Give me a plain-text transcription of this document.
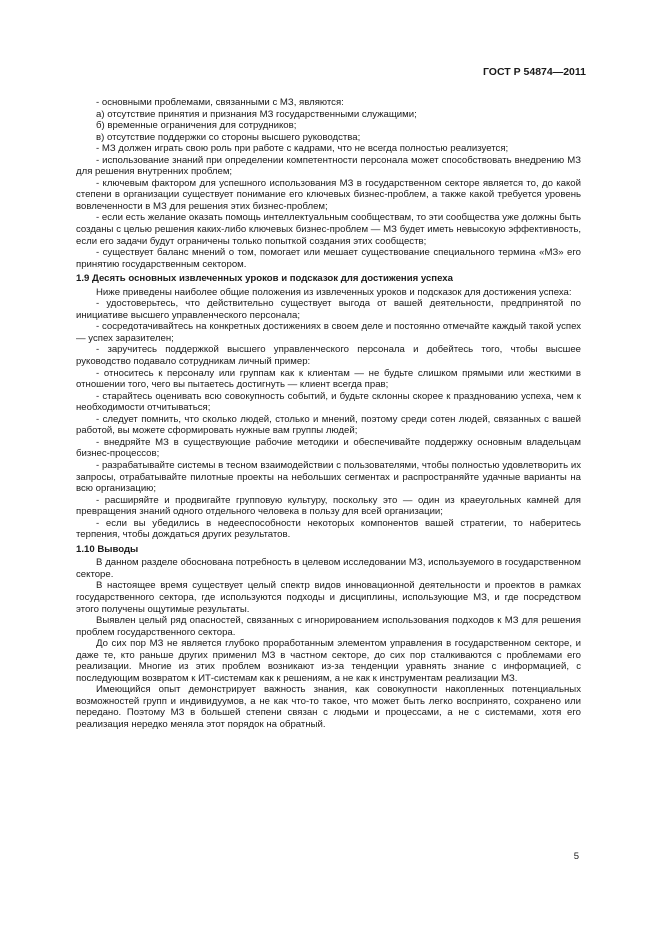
ГОСТ Р 54874—2011

- основными проблемами, связанными с МЗ, являются:

а) отсутствие принятия и признания МЗ государственными служащими;

б) временные ограничения для сотрудников;

в) отсутствие поддержки со стороны высшего руководства;

- МЗ должен играть свою роль при работе с кадрами, что не всегда полностью реализуется;

- использование знаний при определении компетентности персонала может способствовать внедрению МЗ для решения внутренних проблем;

- ключевым фактором для успешного использования МЗ в государственном секторе является то, до какой степени в организации существует понимание его ключевых бизнес-проблем, а также какой требуется уровень вовлеченности в МЗ для решения этих бизнес-проблем;

- если есть желание оказать помощь интеллектуальным сообществам, то эти сообщества уже должны быть созданы с целью решения каких-либо ключевых бизнес-проблем — МЗ будет иметь невысокую эффективность, если его задачи будут ограничены только попыткой создания этих сообществ;

- существует баланс мнений о том, помогает или мешает существование специального термина «МЗ» его принятию государственным сектором.

1.9 Десять основных извлеченных уроков и подсказок для достижения успеха

Ниже приведены наиболее общие положения из извлеченных уроков и подсказок для достижения успеха:

- удостоверьтесь, что действительно существует выгода от вашей деятельности, предпринятой по инициативе высшего управленческого персонала;

- сосредотачивайтесь на конкретных достижениях в своем деле и постоянно отмечайте каждый такой успех — успех заразителен;

- заручитесь поддержкой высшего управленческого персонала и добейтесь того, чтобы высшее руководство подавало сотрудникам личный пример:

- относитесь к персоналу или группам как к клиентам — не будьте слишком прямыми или жесткими в отношении того, чего вы пытаетесь достигнуть — клиент всегда прав;

- старайтесь оценивать всю совокупность событий, и будьте склонны скорее к празднованию успеха, чем к необходимости отчитываться;

- следует помнить, что сколько людей, столько и мнений, поэтому среди сотен людей, связанных с вашей работой, вы можете сформировать нужные вам группы людей;

- внедряйте МЗ в существующие рабочие методики и обеспечивайте поддержку основным владельцам бизнес-процессов;

- разрабатывайте системы в тесном взаимодействии с пользователями, чтобы полностью удовлетворить их запросы, отрабатывайте пилотные проекты на небольших сегментах и распространяйте удачные варианты на всю организацию;

- расширяйте и продвигайте групповую культуру, поскольку это — один из краеугольных камней для превращения знаний одного отдельного человека в пользу для всей организации;

- если вы убедились в недееспособности некоторых компонентов вашей стратегии, то наберитесь терпения, чтобы дождаться других результатов.

1.10 Выводы

В данном разделе обоснована потребность в целевом исследовании МЗ, используемого в государственном секторе.

В настоящее время существует целый спектр видов инновационной деятельности и проектов в рамках государственного сектора, где используются подходы и дисциплины, использующие МЗ, и где посредством этого получены ощутимые результаты.

Выявлен целый ряд опасностей, связанных с игнорированием использования подходов к МЗ для решения проблем государственного сектора.

До сих пор МЗ не является глубоко проработанным элементом управления в государственном секторе, и даже те, кто раньше других применил МЗ в частном секторе, до сих пор сталкиваются с проблемами его реализации. Многие из этих проблем возникают из-за тенденции уравнять знание с информацией, с последующим возвратом к ИТ-системам как к решениям, а не как к инструментам реализации МЗ.

Имеющийся опыт демонстрирует важность знания, как совокупности накопленных потенциальных возможностей групп и индивидуумов, а не как что-то такое, что может быть легко воспринято, сохранено или передано. Поэтому МЗ в большей степени связан с людьми и процессами, а не с системами, хотя его реализация нередко меняла этот порядок на обратный.

5
